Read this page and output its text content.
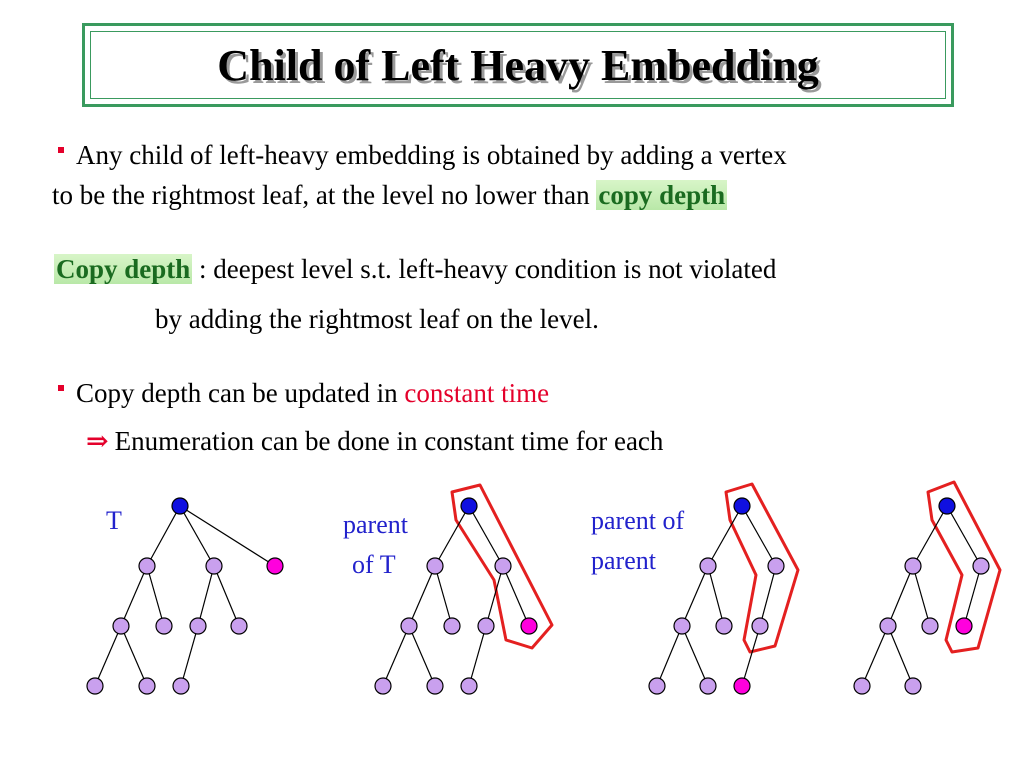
Child of Left Heavy Embedding
Any child of left-heavy embedding is obtained by adding a vertex
to be the rightmost leaf, at the level no lower than copy depth
Copy depth : deepest level s.t. left-heavy condition is not violated
by adding the rightmost leaf on the level.
Copy depth can be updated in constant time
⇒ Enumeration can be done in constant time for each
T	parent
of T
parent of
parent
